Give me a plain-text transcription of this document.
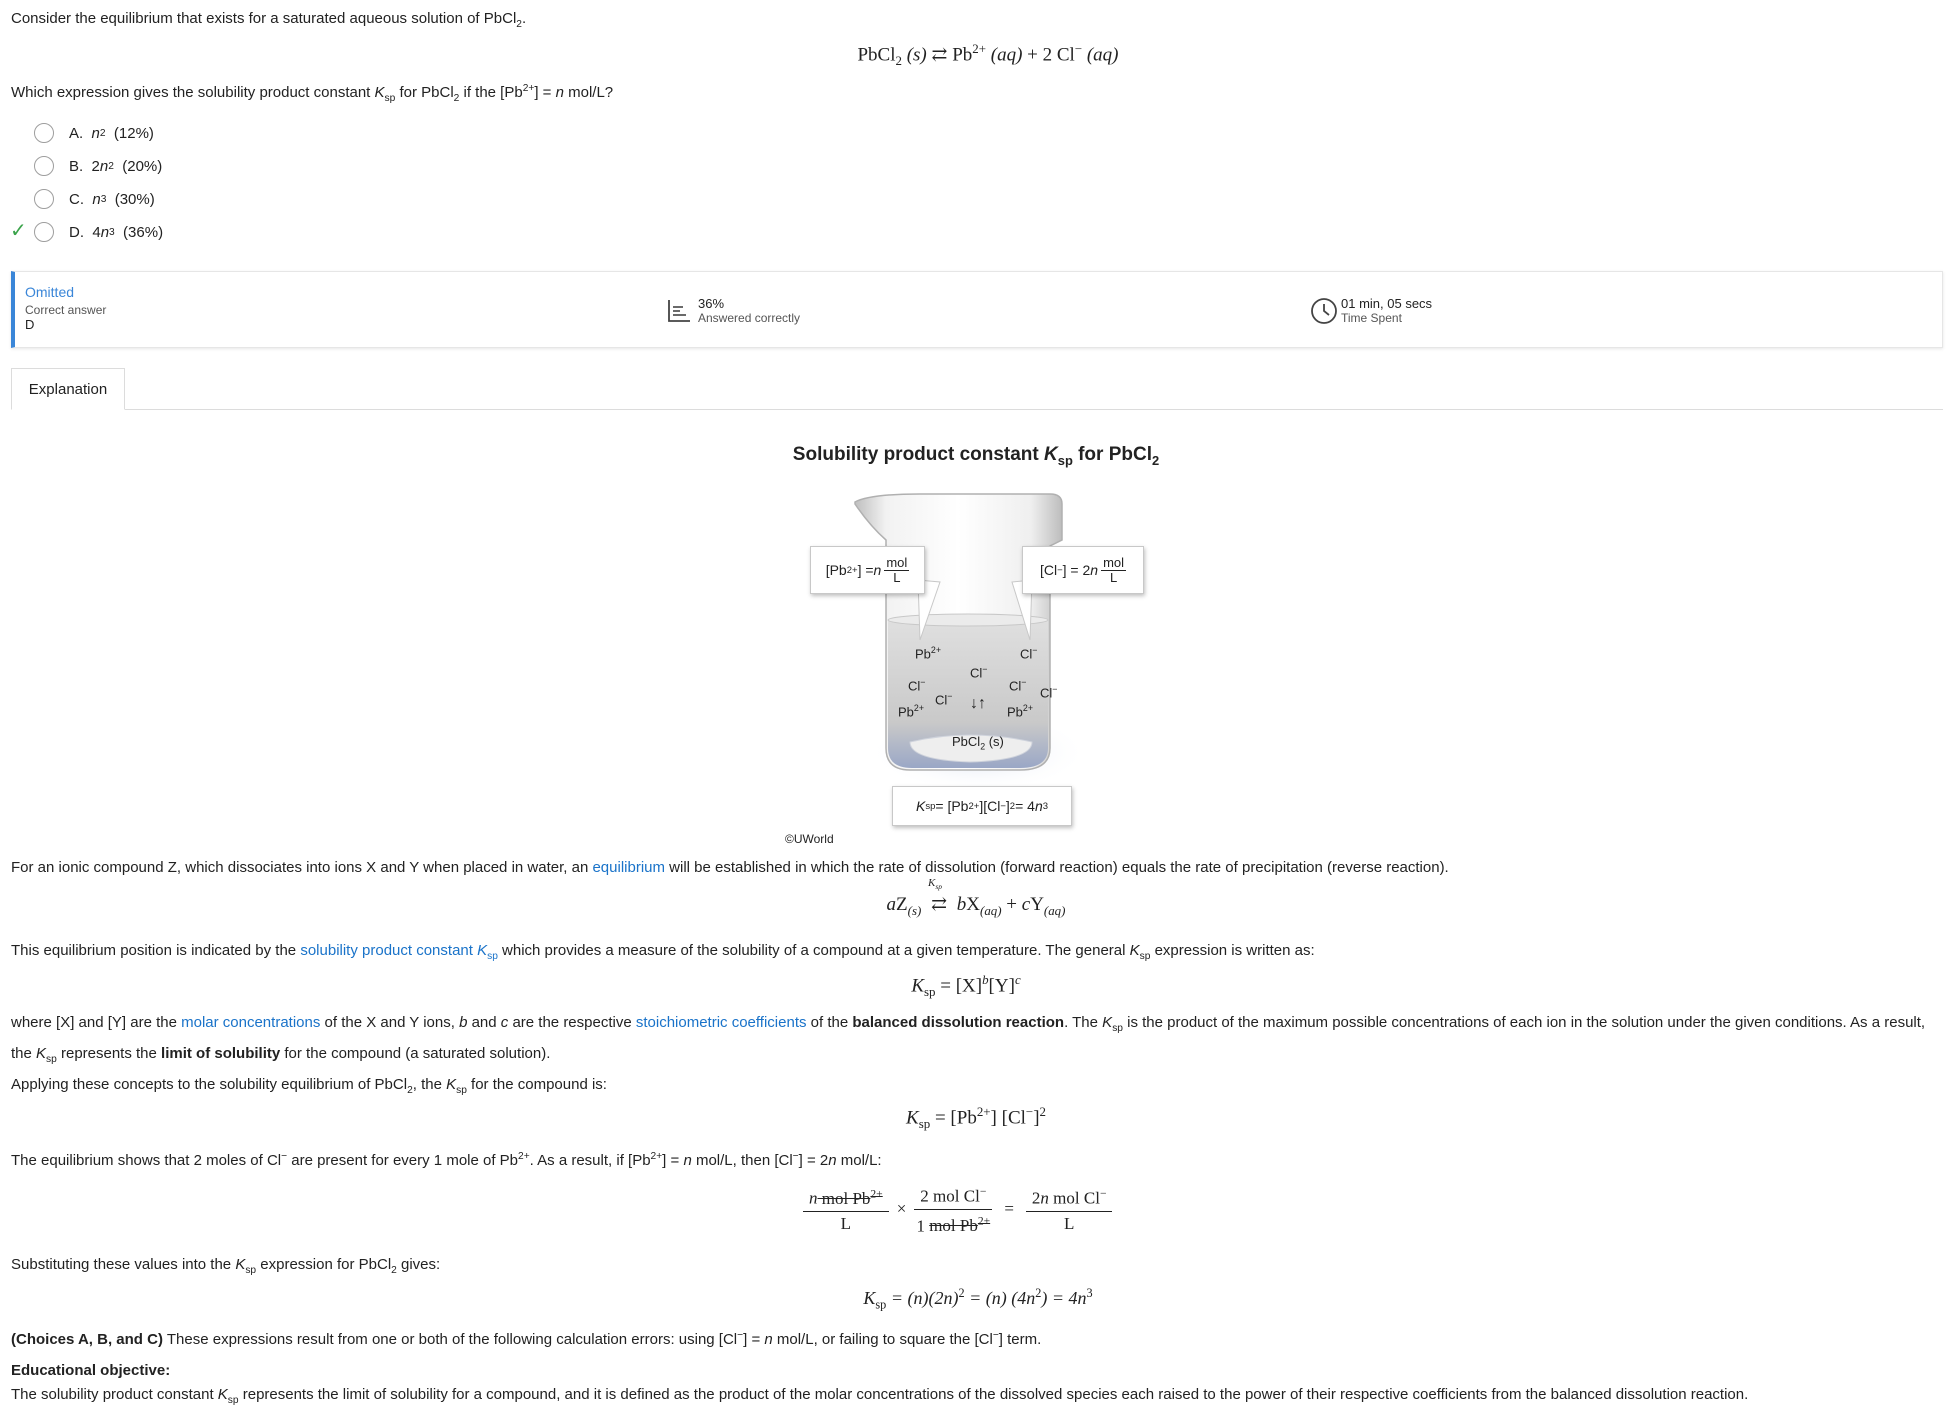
Consider the equilibrium that exists for a saturated aqueous solution of PbCl$_2$.
PbCl$_2$ (s) ⇄ $Pb^{2+}$ (aq) + 2 Cl− (aq)
Which expression gives the solubility product constant $K_{sp}$ for PbCl$_2$ if the $[Pb^{2+}] = n$ mol/L?
A.
n 2
(12%)
B.
2 n 2
(20%)
C.
n 3
(30%)
✓	D.
4 n 3
(36%)
Omitted
Correct answer
D
36%
Answered correctly
01 min, 05 secs
Time Spent
Explanation
Solubility product constant $K_{sp}$ for PbCl$_2$
[Pb 2+ ] = n $\frac{\text{mol}}{L}$	[Cl − ] = 2 n $\frac{\text{mol}}{L}$
$Pb^{2+}$	Cl−
Cl−
Cl−	Cl−
Cl−
Cl− ↓↑
$Pb^{2+}$	$Pb^{2+}$
PbCl$_2$ (s)
K sp = [Pb 2+ ][Cl − ] 2 = 4 n 3
©UWorld
For an ionic compound Z, which dissociates into ions X and Y when placed in water, an equilibrium will be established in which the rate of dissolution (forward reaction) equals the rate of precipitation (reverse reaction).
$aZ_{(s)}$
$K_{sp}$
⇄ $bX_{(aq)} + cY_{(aq)}$
This equilibrium position is indicated by the solubility product constant $K_{sp}$ which provides a measure of the solubility of a compound at a given temperature. The general $K_{sp}$ expression is written as:
$K_{sp} = [X]^b[Y]^c$
where [X] and [Y] are the molar concentrations of the X and Y ions, b and c are the respective stoichiometric coefficients of the balanced dissolution reaction. The $K_{sp}$ is the product of the maximum possible concentrations of each ion in the solution under the given conditions. As a result, the $K_{sp}$ represents the limit of solubility for the compound (a saturated solution).
Applying these concepts to the solubility equilibrium of PbCl$_2$, the $K_{sp}$ for the compound is:
$K_{sp} = [Pb^{2+}]$ $[Cl^-]^2$
The equilibrium shows that 2 moles of Cl− are present for every 1 mole of $Pb^{2+}$. As a result, if $[Pb^{2+}] = n$ mol/L, then [Cl−] = 2n mol/L:
n mol $Pb^{2+}$
L
×
2 mol Cl−
1 mol $Pb^{2+}$
=
2n mol Cl−
L
Substituting these values into the $K_{sp}$ expression for PbCl$_2$ gives:
$K_{sp} = (n)(2n)^2 = (n) (4n^2) = 4n^3$
(Choices A, B, and C) These expressions result from one or both of the following calculation errors: using [Cl−] = n mol/L, or failing to square the [Cl−] term.
Educational objective:
The solubility product constant $K_{sp}$ represents the limit of solubility for a compound, and it is defined as the product of the molar concentrations of the dissolved species each raised to the power of their respective coefficients from the balanced dissolution reaction.
